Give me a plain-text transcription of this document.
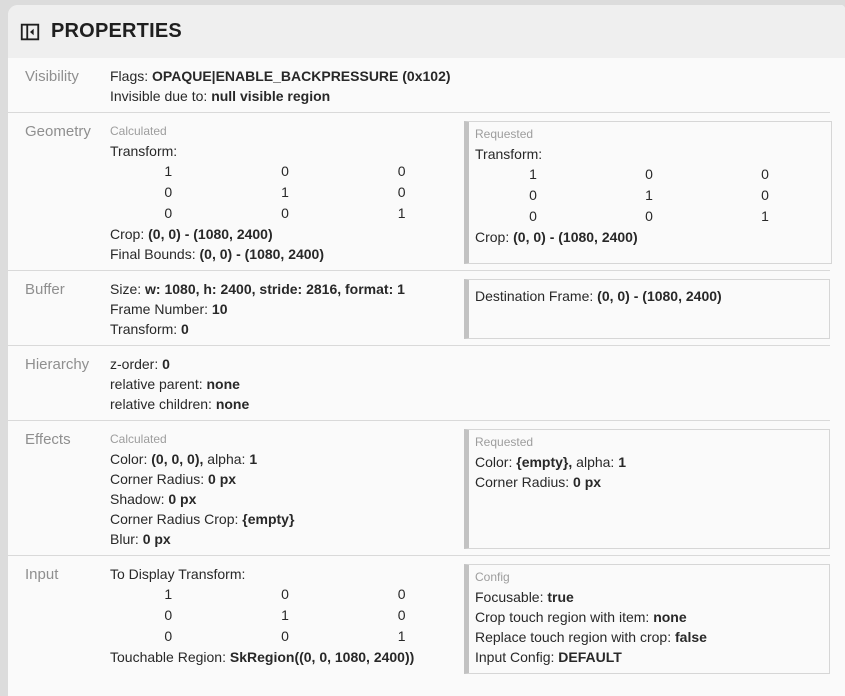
PROPERTIES
Visibility	Flags: OPAQUE|ENABLE_BACKPRESSURE (0x102)
Invisible due to: null visible region
Geometry	Calculated
Transform:
1	0	0
0	1	0
0	0	1
Crop: (0, 0) - (1080, 2400)
Final Bounds: (0, 0) - (1080, 2400)
Requested
Transform:
1	0	0
0	1	0
0	0	1
Crop: (0, 0) - (1080, 2400)
Buffer	Size: w: 1080, h: 2400, stride: 2816, format: 1
Frame Number: 10
Transform: 0
Destination Frame: (0, 0) - (1080, 2400)
Hierarchy	z-order: 0
relative parent: none
relative children: none
Effects	Calculated
Color: (0, 0, 0), alpha: 1
Corner Radius: 0 px
Shadow: 0 px
Corner Radius Crop: {empty}
Blur: 0 px
Requested
Color: {empty}, alpha: 1
Corner Radius: 0 px
Input	To Display Transform:
1	0	0
0	1	0
0	0	1
Touchable Region: SkRegion((0, 0, 1080, 2400))
Config
Focusable: true
Crop touch region with item: none
Replace touch region with crop: false
Input Config: DEFAULT
